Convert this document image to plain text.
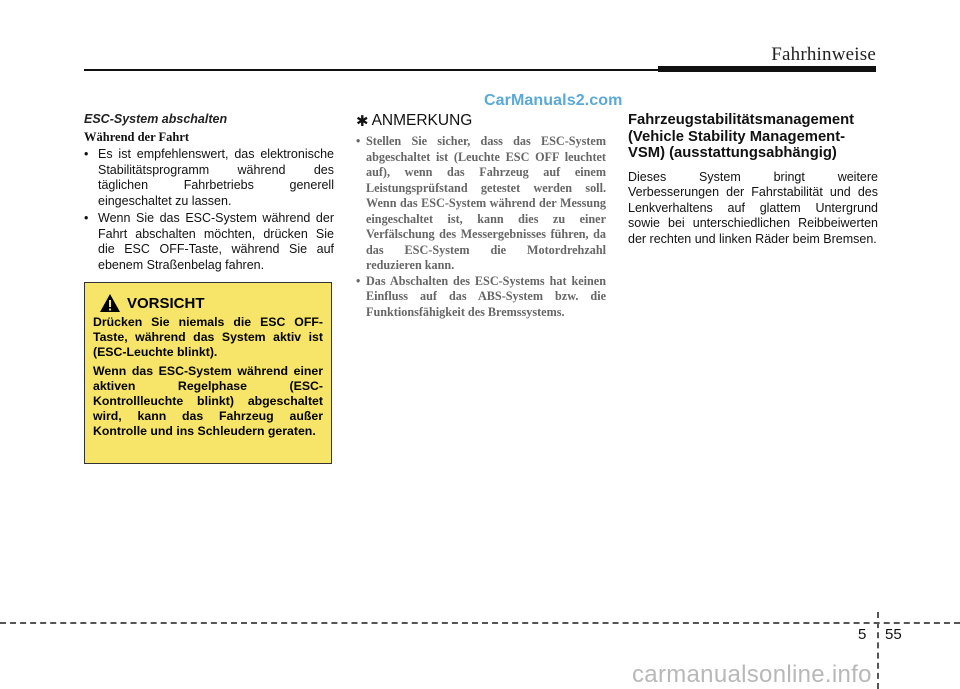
Fahrhinweise
CarManuals2.com
ESC-System abschalten
Während der Fahrt
• Es ist empfehlenswert, das elektronische Stabilitätsprogramm während des täglichen Fahrbetriebs generell eingeschaltet zu lassen.
• Wenn Sie das ESC-System während der Fahrt abschalten möchten, drücken Sie die ESC OFF-Taste, während Sie auf ebenem Straßenbelag fahren.
VORSICHT

Drücken Sie niemals die ESC OFF-Taste, während das System aktiv ist (ESC-Leuchte blinkt).

Wenn das ESC-System während einer aktiven Regelphase (ESC-Kontrollleuchte blinkt) abgeschaltet wird, kann das Fahrzeug außer Kontrolle und ins Schleudern geraten.

✱ ANMERKUNG
• Stellen Sie sicher, dass das ESC-System abgeschaltet ist (Leuchte ESC OFF leuchtet auf), wenn das Fahrzeug auf einem Leistungsprüfstand getestet werden soll. Wenn das ESC-System während der Messung eingeschaltet ist, kann dies zu einer Verfälschung des Messergebnisses führen, da das ESC-System die Motordrehzahl reduzieren kann.
• Das Abschalten des ESC-Systems hat keinen Einfluss auf das ABS-System bzw. die Funktionsfähigkeit des Bremssystems.
Fahrzeugstabilitätsmanagement (Vehicle Stability Management-VSM) (ausstattungsabhängig)

Dieses System bringt weitere Verbesserungen der Fahrstabilität und des Lenkverhaltens auf glattem Untergrund sowie bei unterschiedlichen Reibbeiwerten der rechten und linken Räder beim Bremsen.

5 55
carmanualsonline.info
